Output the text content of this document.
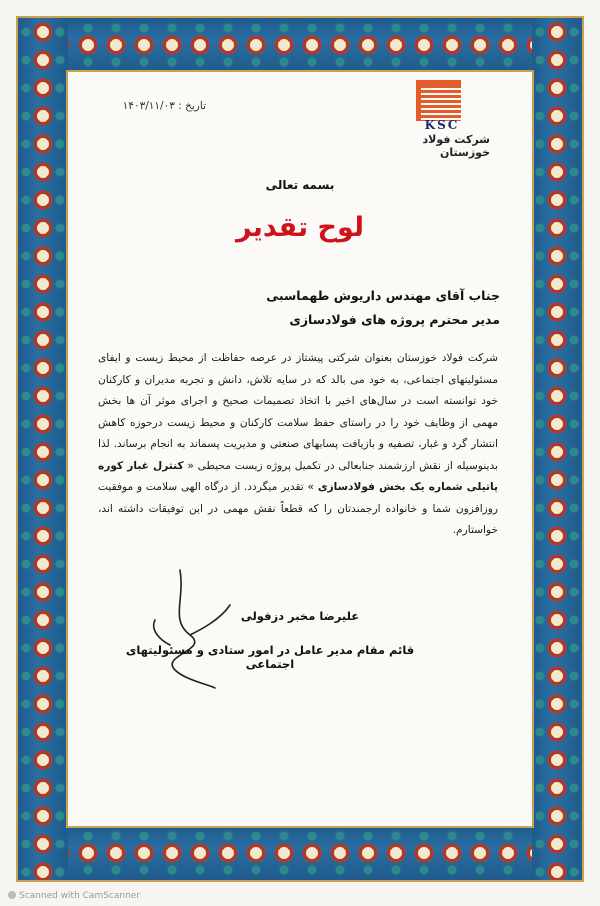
KSC
شرکت فولاد خوزستان
تاریخ : ۱۴۰۳/۱۱/۰۳
بسمه تعالی
لوح تقدیر
جناب آقای مهندس داریوش طهماسبی
مدیر محترم پروژه های فولادسازی
شرکت فولاد خوزستان بعنوان شرکتی پیشتاز در عرصه حفاظت از محیط زیست و ایفای مسئولیتهای اجتماعی، به خود می بالد که در سایه تلاش، دانش و تجربه مدیران و کارکنان خود توانسته است در سال‌های اخیر با اتخاذ تصمیمات صحیح و اجرای موثر آن ها بخش مهمی از وظایف خود را در راستای حفظ سلامت کارکنان و محیط زیست درحوزه کاهش انتشار گرد و غبار، تصفیه و بازیافت پسابهای صنعتی و مدیریت پسماند به انجام برساند. لذا بدینوسیله از نقش ارزشمند جنابعالی در تکمیل پروژه زیست محیطی « کنترل غبار کوره پاتیلی شماره یک بخش فولادسازی » تقدیر میگردد. از درگاه الهی سلامت و موفقیت روزافزون شما و خانواده ارجمندتان را که قطعاً نقش مهمی در این توفیقات داشته اند، خواستارم.
علیرضا مخبر دزفولی
قائم مقام مدیر عامل در امور ستادی و مسئولیتهای اجتماعی
Scanned with CamScanner
